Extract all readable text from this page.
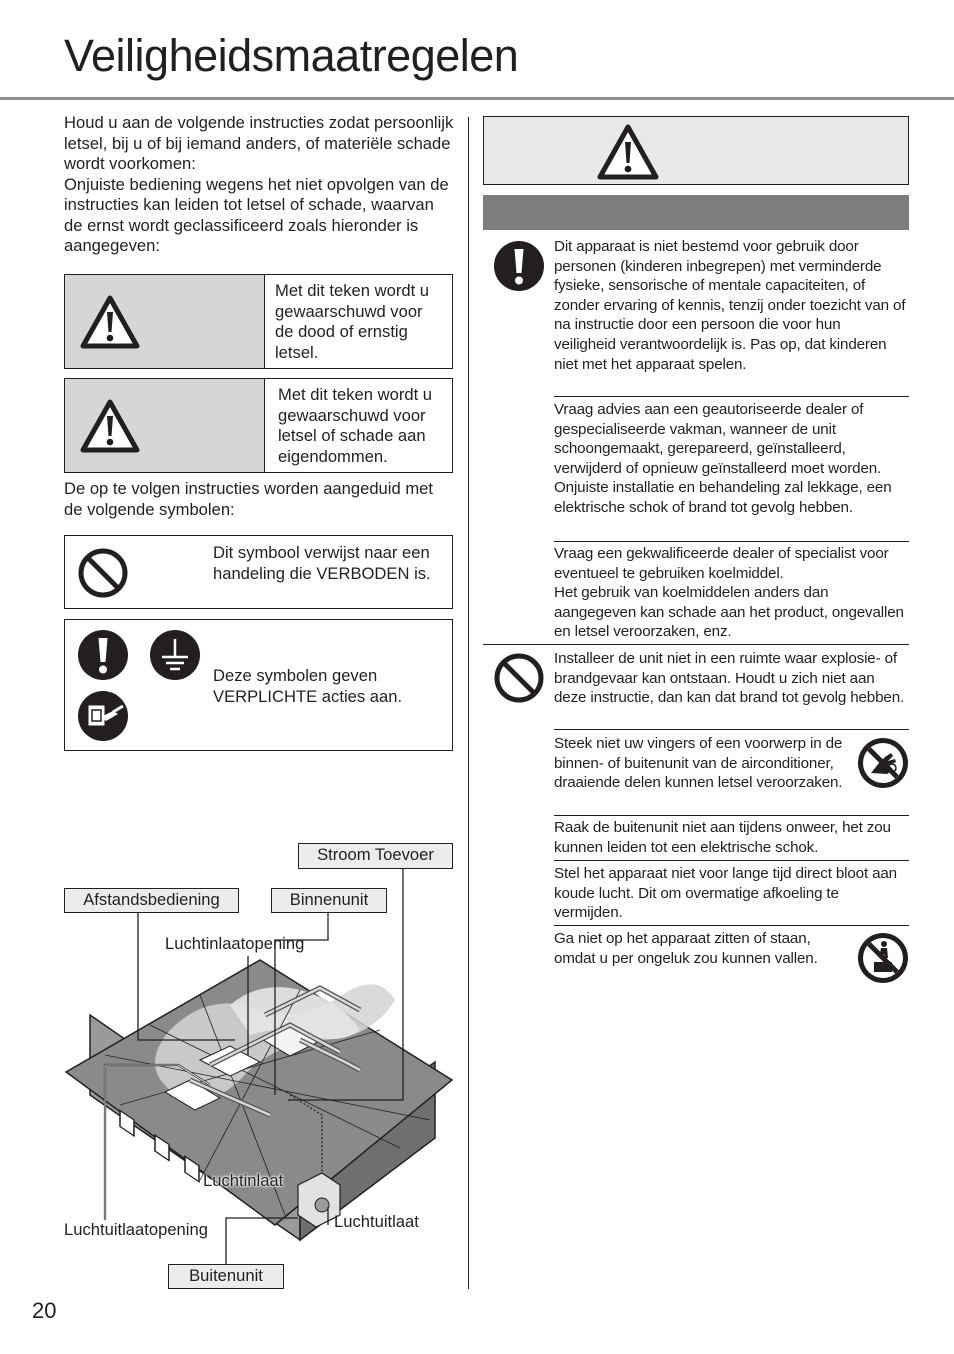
Veiligheidsmaatregelen

Houd u aan de volgende instructies zodat persoonlijk letsel, bij u of bij iemand anders, of materiële schade wordt voorkomen:

Onjuiste bediening wegens het niet opvolgen van de instructies kan leiden tot letsel of schade, waarvan de ernst wordt geclassificeerd zoals hieronder is aangegeven:

Met dit teken wordt u gewaarschuwd voor de dood of ernstig letsel.
Met dit teken wordt u gewaarschuwd voor letsel of schade aan eigendommen.
De op te volgen instructies worden aangeduid met de volgende symbolen:
Dit symbool verwijst naar een handeling die VERBODEN is.
Deze symbolen geven VERPLICHTE acties aan.
Stroom Toevoer
Afstandsbediening	Binnenunit
Luchtinlaatopening
Luchtinlaat
Luchtuitlaatopening	Luchtuitlaat
Buitenunit
Dit apparaat is niet bestemd voor gebruik door personen (kinderen inbegrepen) met verminderde fysieke, sensorische of mentale capaciteiten, of zonder ervaring of kennis, tenzij onder toezicht van of na instructie door een persoon die voor hun veiligheid verantwoordelijk is. Pas op, dat kinderen niet met het apparaat spelen.
Vraag advies aan een geautoriseerde dealer of gespecialiseerde vakman, wanneer de unit schoongemaakt, gerepareerd, geïnstalleerd, verwijderd of opnieuw geïnstalleerd moet worden. Onjuiste installatie en behandeling zal lekkage, een elektrische schok of brand tot gevolg hebben.
Vraag een gekwalificeerde dealer of specialist voor eventueel te gebruiken koelmiddel.
Het gebruik van koelmiddelen anders dan aangegeven kan schade aan het product, ongevallen en letsel veroorzaken, enz.
Installeer de unit niet in een ruimte waar explosie- of brandgevaar kan ontstaan. Houdt u zich niet aan deze instructie, dan kan dat brand tot gevolg hebben.
Steek niet uw vingers of een voorwerp in de binnen- of buitenunit van de airconditioner, draaiende delen kunnen letsel veroorzaken.
Raak de buitenunit niet aan tijdens onweer, het zou kunnen leiden tot een elektrische schok.
Stel het apparaat niet voor lange tijd direct bloot aan koude lucht. Dit om overmatige afkoeling te vermijden.
Ga niet op het apparaat zitten of staan, omdat u per ongeluk zou kunnen vallen.
20
